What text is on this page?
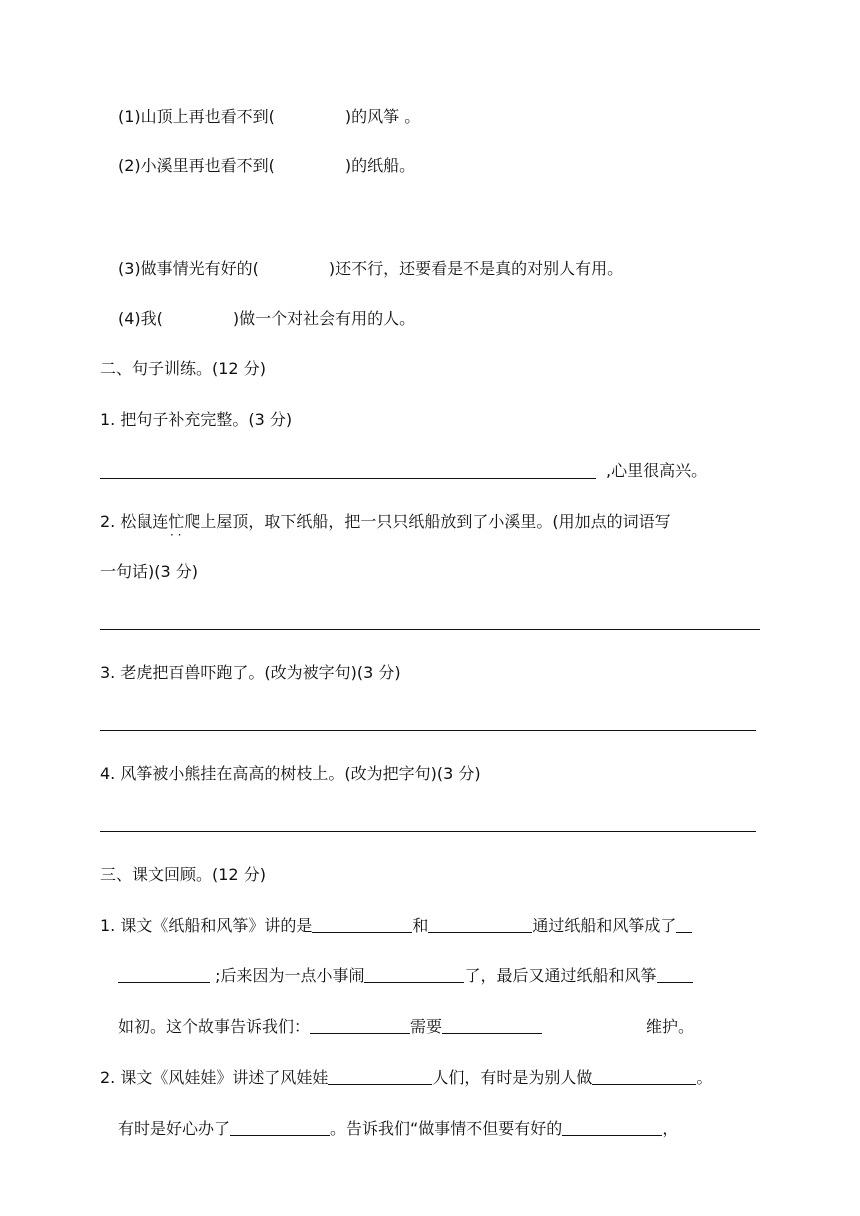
(1)山顶上再也看不到(	)的风筝 。
(2)小溪里再也看不到(	)的纸船。
(3)做事情光有好的(	)还不行，还要看是不是真的对别人有用。
(4)我(	)做一个对社会有用的人。
二、句子训练。(12 分)
1. 把句子补充完整。(3 分)
,心里很高兴。
2. 松鼠连忙爬上屋顶，取下纸船，把一只只纸船放到了小溪里。(用加点的词语写
· ·
一句话)(3 分)
3. 老虎把百兽吓跑了。(改为被字句)(3 分)
4. 风筝被小熊挂在高高的树枝上。(改为把字句)(3 分)
三、课文回顾。(12 分)
1. 课文《纸船和风筝》讲的是	和	通过纸船和风筝成了
;后来因为一点小事闹	了，最后又通过纸船和风筝
如初。这个故事告诉我们：	需要	维护。
2. 课文《风娃娃》讲述了风娃娃	人们，有时是为别人做	。
有时是好心办了	。告诉我们“做事情不但要有好的	，
